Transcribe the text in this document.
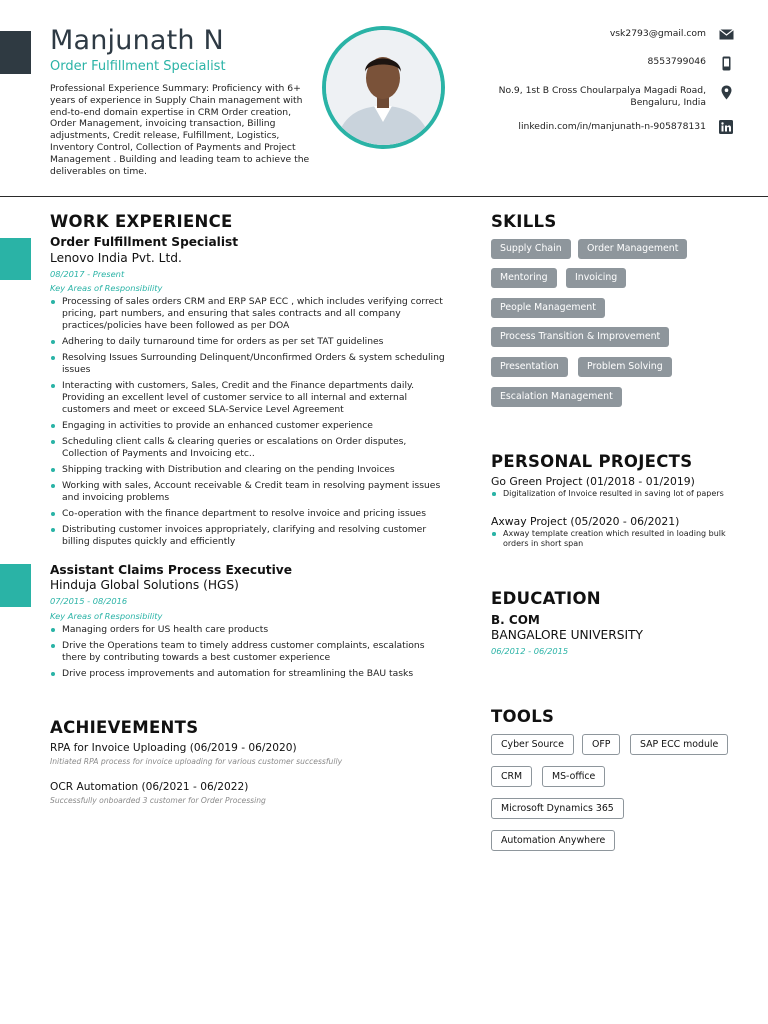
Manjunath N
Order Fulfillment Specialist
Professional Experience Summary: Proficiency with 6+ years of experience in Supply Chain management with end-to-end domain expertise in CRM Order creation, Order Management, invoicing transaction, Billing adjustments, Credit release, Fulfillment, Logistics, Inventory Control, Collection of Payments and Project Management . Building and leading team to achieve the deliverables on time.
vsk2793@gmail.com
8553799046
No.9, 1st B Cross Choularpalya Magadi Road,
Bengaluru, India
linkedin.com/in/manjunath-n-905878131
WORK EXPERIENCE
Order Fulfillment Specialist
Lenovo India Pvt. Ltd.
08/2017 - Present
Key Areas of Responsibility
Processing of sales orders CRM and ERP SAP ECC , which includes verifying correct pricing, part numbers, and ensuring that sales contracts and all company practices/policies have been followed as per DOA
Adhering to daily turnaround time for orders as per set TAT guidelines
Resolving Issues Surrounding Delinquent/Unconfirmed Orders & system scheduling issues
Interacting with customers, Sales, Credit and the Finance departments daily. Providing an excellent level of customer service to all internal and external customers and meet or exceed SLA-Service Level Agreement
Engaging in activities to provide an enhanced customer experience
Scheduling client calls & clearing queries or escalations on Order disputes, Collection of Payments and Invoicing etc..
Shipping tracking with Distribution and clearing on the pending Invoices
Working with sales, Account receivable & Credit team in resolving payment issues and invoicing problems
Co-operation with the finance department to resolve invoice and pricing issues
Distributing customer invoices appropriately, clarifying and resolving customer billing disputes quickly and efficiently
Assistant Claims Process Executive
Hinduja Global Solutions (HGS)
07/2015 - 08/2016
Key Areas of Responsibility
Managing orders for US health care products
Drive the Operations team to timely address customer complaints, escalations there by contributing towards a best customer experience
Drive process improvements and automation for streamlining the BAU tasks
ACHIEVEMENTS
RPA for Invoice Uploading (06/2019 - 06/2020)
Initiated RPA process for invoice uploading for various customer successfully
OCR Automation (06/2021 - 06/2022)
Successfully onboarded 3 customer for Order Processing
SKILLS
Supply Chain	Order Management
Mentoring	Invoicing
People Management
Process Transition & Improvement
Presentation	Problem Solving
Escalation Management
PERSONAL PROJECTS
Go Green Project (01/2018 - 01/2019)
Digitalization of Invoice resulted in saving lot of papers
Axway Project (05/2020 - 06/2021)
Axway template creation which resulted in loading bulk orders in short span
EDUCATION
B. COM
BANGALORE UNIVERSITY
06/2012 - 06/2015
TOOLS
Cyber Source	OFP	SAP ECC module
CRM	MS-office
Microsoft Dynamics 365
Automation Anywhere
